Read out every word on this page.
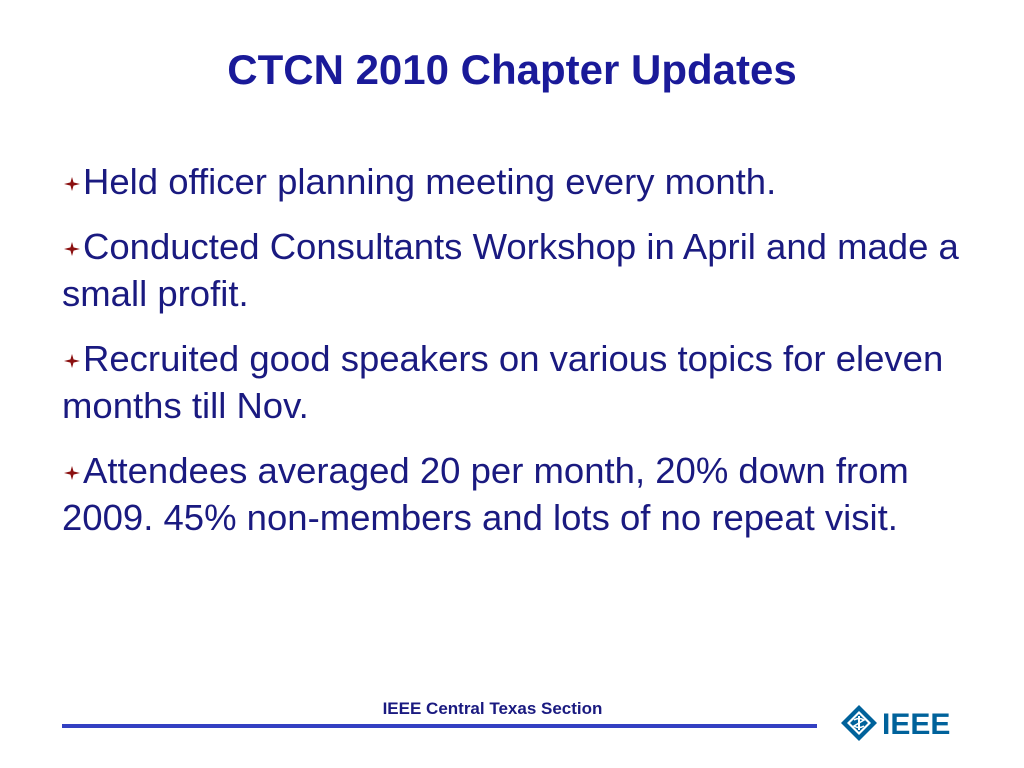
CTCN 2010 Chapter Updates
Held officer planning meeting every month.
Conducted Consultants Workshop in April and made a small profit.
Recruited good speakers on various topics for eleven months till Nov.
Attendees averaged 20 per month, 20% down from 2009. 45% non-members and lots of no repeat visit.
IEEE Central Texas Section	IEEE
